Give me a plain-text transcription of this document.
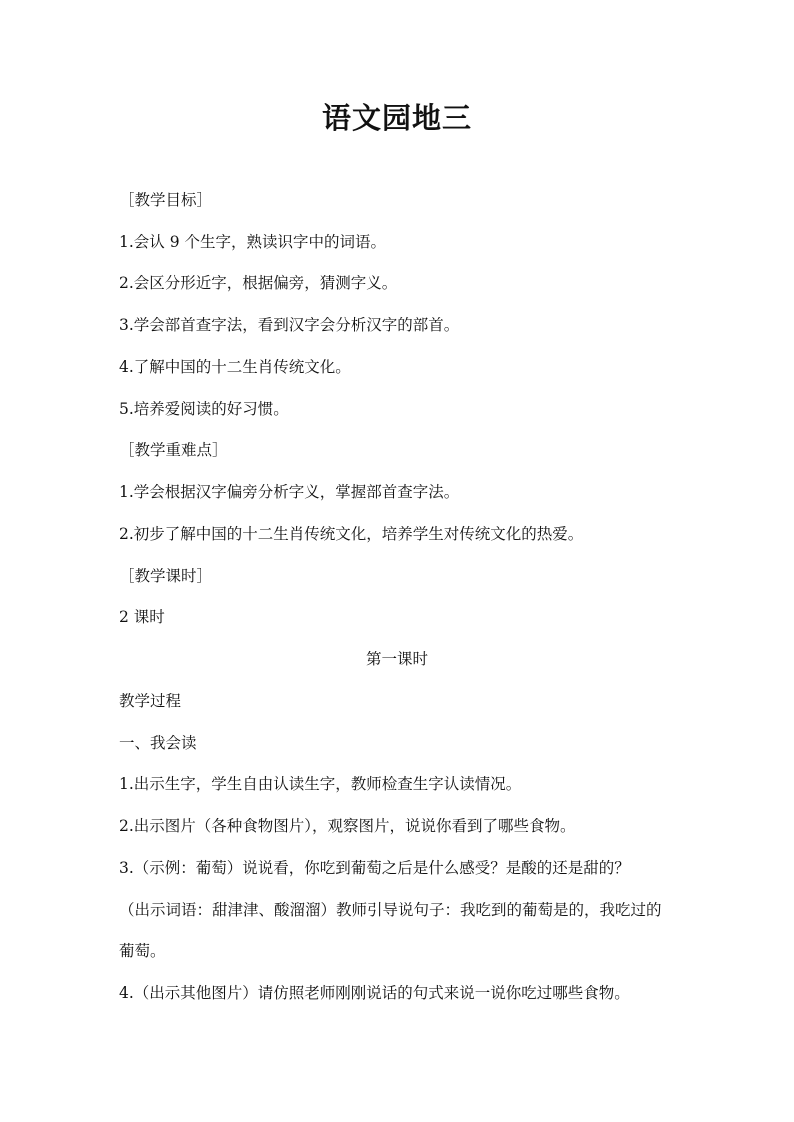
语文园地三
［教学目标］
1.会认 9 个生字，熟读识字中的词语。
2.会区分形近字，根据偏旁，猜测字义。
3.学会部首查字法，看到汉字会分析汉字的部首。
4.了解中国的十二生肖传统文化。
5.培养爱阅读的好习惯。
［教学重难点］
1.学会根据汉字偏旁分析字义，掌握部首查字法。
2.初步了解中国的十二生肖传统文化，培养学生对传统文化的热爱。
［教学课时］
2 课时
第一课时
教学过程
一、我会读
1.出示生字，学生自由认读生字，教师检查生字认读情况。
2.出示图片（各种食物图片），观察图片，说说你看到了哪些食物。
3.（示例：葡萄）说说看，你吃到葡萄之后是什么感受？是酸的还是甜的？
（出示词语：甜津津、酸溜溜）教师引导说句子：我吃到的葡萄是的，我吃过的
葡萄。
4.（出示其他图片）请仿照老师刚刚说话的句式来说一说你吃过哪些食物。
